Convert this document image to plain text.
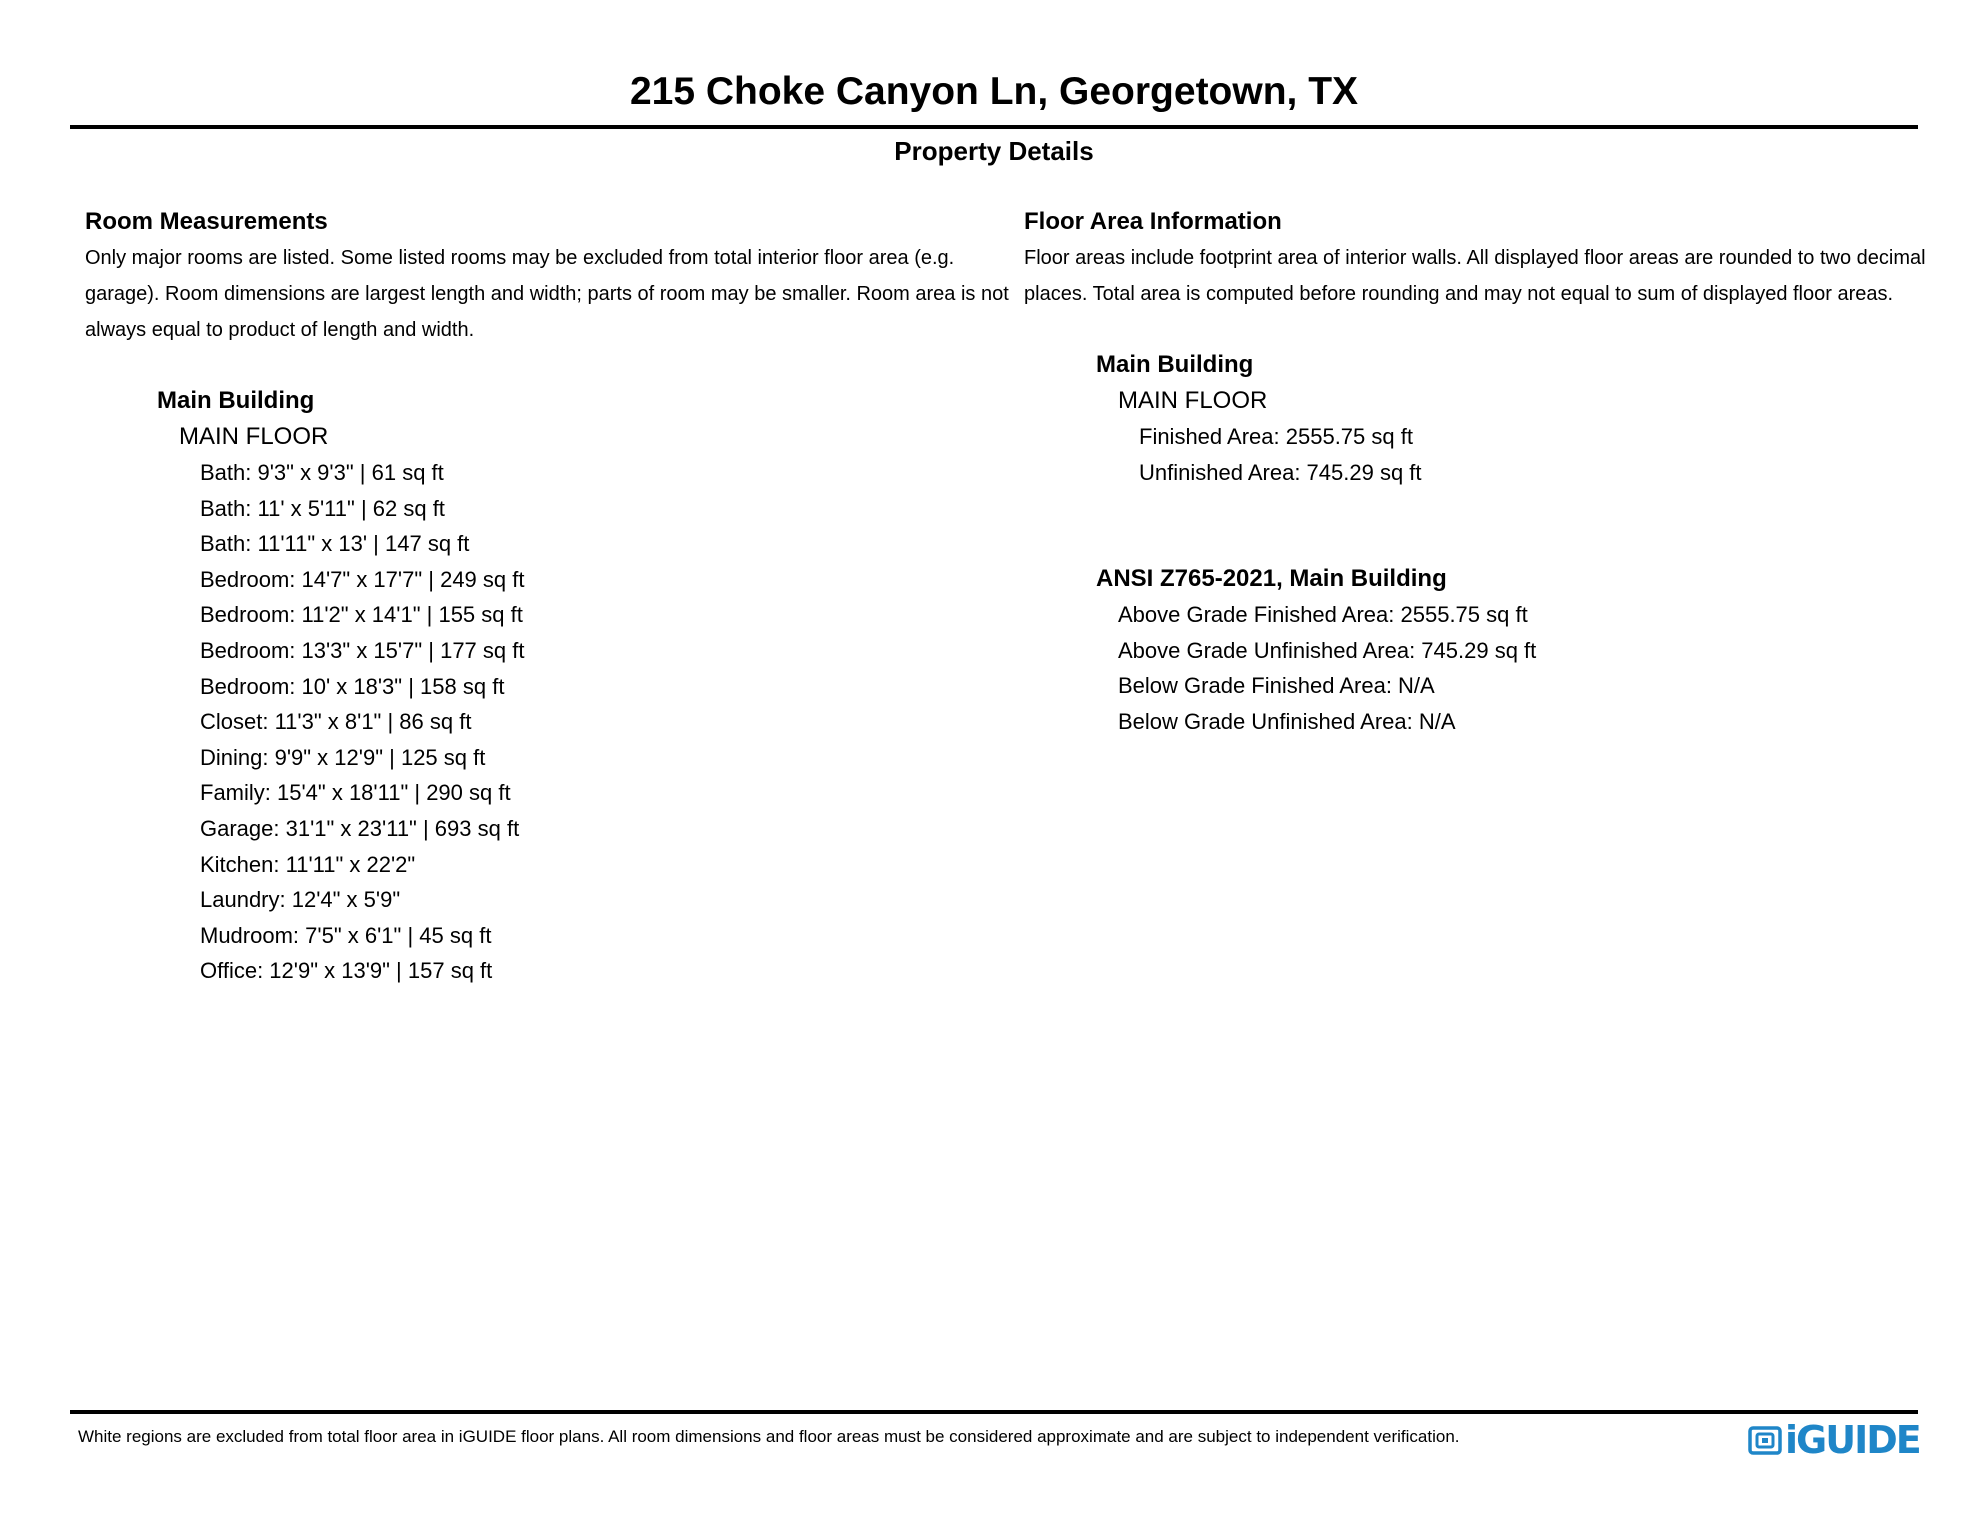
215 Choke Canyon Ln, Georgetown, TX
Property Details
Room Measurements
Only major rooms are listed. Some listed rooms may be excluded from total interior floor area (e.g. garage). Room dimensions are largest length and width; parts of room may be smaller. Room area is not always equal to product of length and width.
Main Building
MAIN FLOOR
Bath: 9'3" x 9'3" | 61 sq ft
Bath: 11' x 5'11" | 62 sq ft
Bath: 11'11" x 13' | 147 sq ft
Bedroom: 14'7" x 17'7" | 249 sq ft
Bedroom: 11'2" x 14'1" | 155 sq ft
Bedroom: 13'3" x 15'7" | 177 sq ft
Bedroom: 10' x 18'3" | 158 sq ft
Closet: 11'3" x 8'1" | 86 sq ft
Dining: 9'9" x 12'9" | 125 sq ft
Family: 15'4" x 18'11" | 290 sq ft
Garage: 31'1" x 23'11" | 693 sq ft
Kitchen: 11'11" x 22'2"
Laundry: 12'4" x 5'9"
Mudroom: 7'5" x 6'1" | 45 sq ft
Office: 12'9" x 13'9" | 157 sq ft
Floor Area Information
Floor areas include footprint area of interior walls. All displayed floor areas are rounded to two decimal places. Total area is computed before rounding and may not equal to sum of displayed floor areas.
Main Building
MAIN FLOOR
Finished Area: 2555.75 sq ft
Unfinished Area: 745.29 sq ft
ANSI Z765-2021, Main Building
Above Grade Finished Area: 2555.75 sq ft
Above Grade Unfinished Area: 745.29 sq ft
Below Grade Finished Area: N/A
Below Grade Unfinished Area: N/A
White regions are excluded from total floor area in iGUIDE floor plans. All room dimensions and floor areas must be considered approximate and are subject to independent verification.	iGUIDE
